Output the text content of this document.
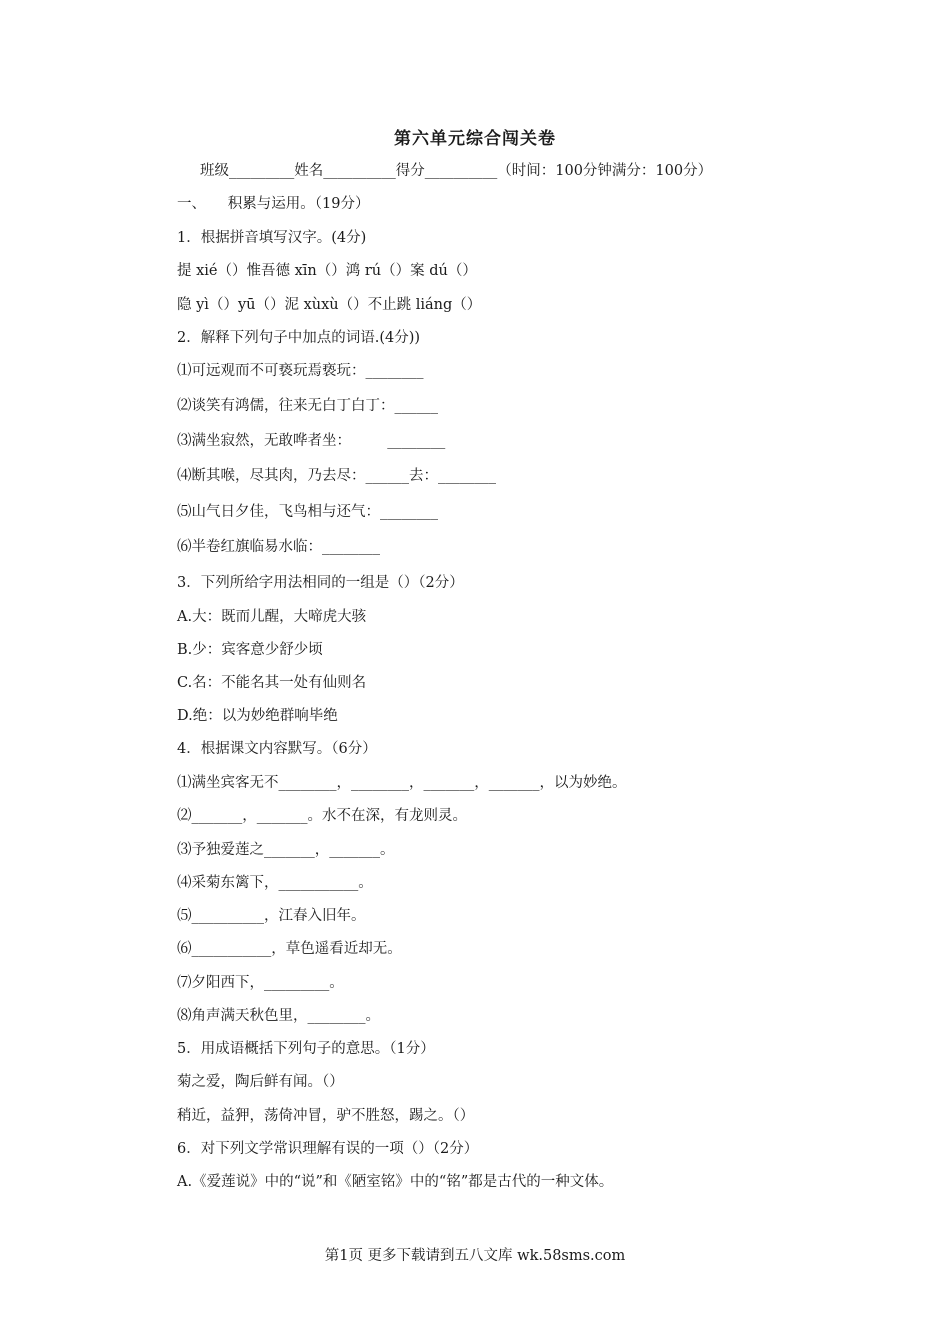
第六单元综合闯关卷
班级_________姓名__________得分__________（时间：100分钟满分：100分）
一、　　积累与运用。（19分）
1．根据拼音填写汉字。(4分)
提 xié（）惟吾德 xīn（）鸿 rú（）案 dú（）
隐 yì（）yū（）泥 xùxù（）不止跳 liáng（）
2．解释下列句子中加点的词语.(4分))
⑴可远观而不可亵玩焉亵玩：________
⑵谈笑有鸿儒，往来无白丁白丁：______
⑶满坐寂然，无敢哗者坐：　　　________
⑷断其喉，尽其肉，乃去尽：______去：________
⑸山气日夕佳，飞鸟相与还气：________
⑹半卷红旗临易水临：________
3．下列所给字用法相同的一组是（）（2分）
A.大：既而儿醒，大啼虎大骇
B.少：宾客意少舒少顷
C.名：不能名其一处有仙则名
D.绝：以为妙绝群响毕绝
4．根据课文内容默写。（6分）
⑴满坐宾客无不________，________，_______，_______，以为妙绝。
⑵_______，_______。水不在深，有龙则灵。
⑶予独爱莲之_______，_______。
⑷采菊东篱下，___________。
⑸__________，江春入旧年。
⑹___________，草色遥看近却无。
⑺夕阳西下，_________。
⑻角声满天秋色里，________。
5．用成语概括下列句子的意思。（1分）
菊之爱，陶后鲜有闻。（）
稍近，益狎，荡倚冲冒，驴不胜怒，踢之。（）
6．对下列文学常识理解有误的一项（）（2分）
A.《爱莲说》中的“说”和《陋室铭》中的“铭”都是古代的一种文体。
第1页 更多下载请到五八文库 wk.58sms.com
